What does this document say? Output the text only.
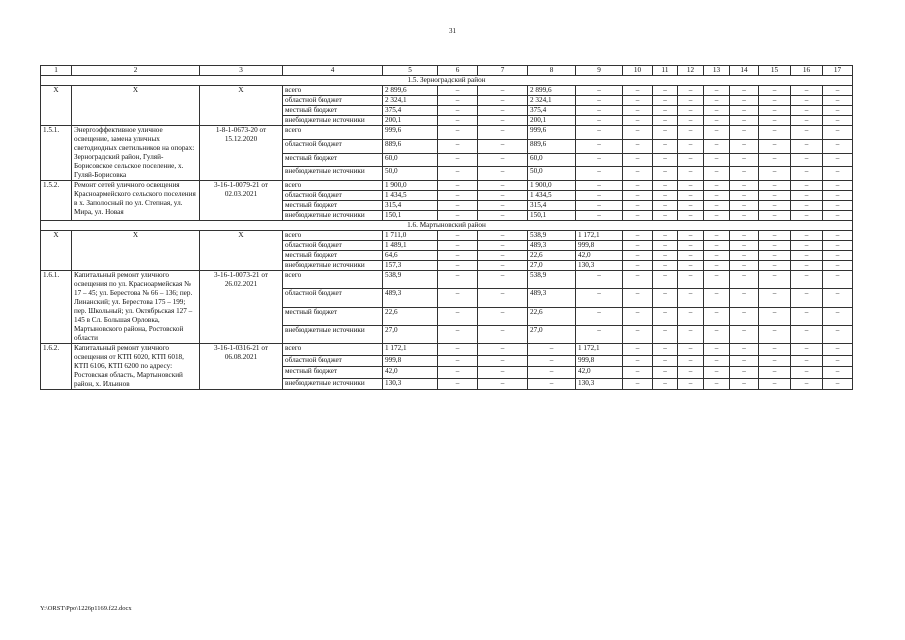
31
1	2	3	4	5	6	7	8	9	10	11	12	13	14	15	16	17
1.5. Зерноградский район																
X	X	X	всего	2 899,6	–	–	2 899,6	–	–	–	–	–	–	–	–	–
			областной бюджет	2 324,1	–	–	2 324,1	–	–	–	–	–	–	–	–	–
			местный бюджет	375,4	–	–	375,4	–	–	–	–	–	–	–	–	–
			внебюджетные источники	200,1	–	–	200,1	–	–	–	–	–	–	–	–	–
1.5.1.	Энергоэффективное уличное освещение, замена уличных светодиодных светильников на опорах: Зерноградский район, Гуляй-Борисовское сельское поселение, х. Гуляй-Борисовка	1-8-1-0673-20 от 15.12.2020	всего	999,6	–	–	999,6	–	–	–	–	–	–	–	–	–
			областной бюджет	889,6	–	–	889,6	–	–	–	–	–	–	–	–	–
			местный бюджет	60,0	–	–	60,0	–	–	–	–	–	–	–	–	–
			внебюджетные источники	50,0	–	–	50,0	–	–	–	–	–	–	–	–	–
1.5.2.	Ремонт сетей уличного освещения Красноармейского сельского поселения в х. Заполосный по ул. Степная, ул. Мира, ул. Новая	3-16-1-0079-21 от 02.03.2021	всего	1 900,0	–	–	1 900,0	–	–	–	–	–	–	–	–	–
			областной бюджет	1 434,5	–	–	1 434,5	–	–	–	–	–	–	–	–	–
			местный бюджет	315,4	–	–	315,4	–	–	–	–	–	–	–	–	–
			внебюджетные источники	150,1	–	–	150,1	–	–	–	–	–	–	–	–	–
1.6. Мартыновский район																
X	X	X	всего	1 711,0	–	–	538,9	1 172,1	–	–	–	–	–	–	–	–
			областной бюджет	1 489,1	–	–	489,3	999,8	–	–	–	–	–	–	–	–
			местный бюджет	64,6	–	–	22,6	42,0	–	–	–	–	–	–	–	–
			внебюджетные источники	157,3	–	–	27,0	130,3	–	–	–	–	–	–	–	–
1.6.1.	Капитальный ремонт уличного освещения по ул. Красноармейская № 17 – 45; ул. Берестова № 66 – 136; пер. Линанский; ул. Берестова 175 – 199; пер. Школьный; ул. Октябрьская 127 – 145 в Сл. Большая Орловка, Мартыновского района, Ростовской области	3-16-1-0073-21 от 26.02.2021	всего	538,9	–	–	538,9	–	–	–	–	–	–	–	–	–
			областной бюджет	489,3	–	–	489,3	–	–	–	–	–	–	–	–	–
			местный бюджет	22,6	–	–	22,6	–	–	–	–	–	–	–	–	–
			внебюджетные источники	27,0	–	–	27,0	–	–	–	–	–	–	–	–	–
1.6.2.	Капитальный ремонт уличного освещения от КТП 6020, КТП 6018, КТП 6106, КТП 6200 по адресу: Ростовская область, Мартыновский район, х. Ильинов	3-16-1-0316-21 от 06.08.2021	всего	1 172,1	–	–	–	1 172,1	–	–	–	–	–	–	–	–
			областной бюджет	999,8	–	–	–	999,8	–	–	–	–	–	–	–	–
			местный бюджет	42,0	–	–	–	42,0	–	–	–	–	–	–	–	–
			внебюджетные источники	130,3	–	–	–	130,3	–	–	–	–	–	–	–	–
Y:\ORST\Ppo\1226p1169.f22.docx
